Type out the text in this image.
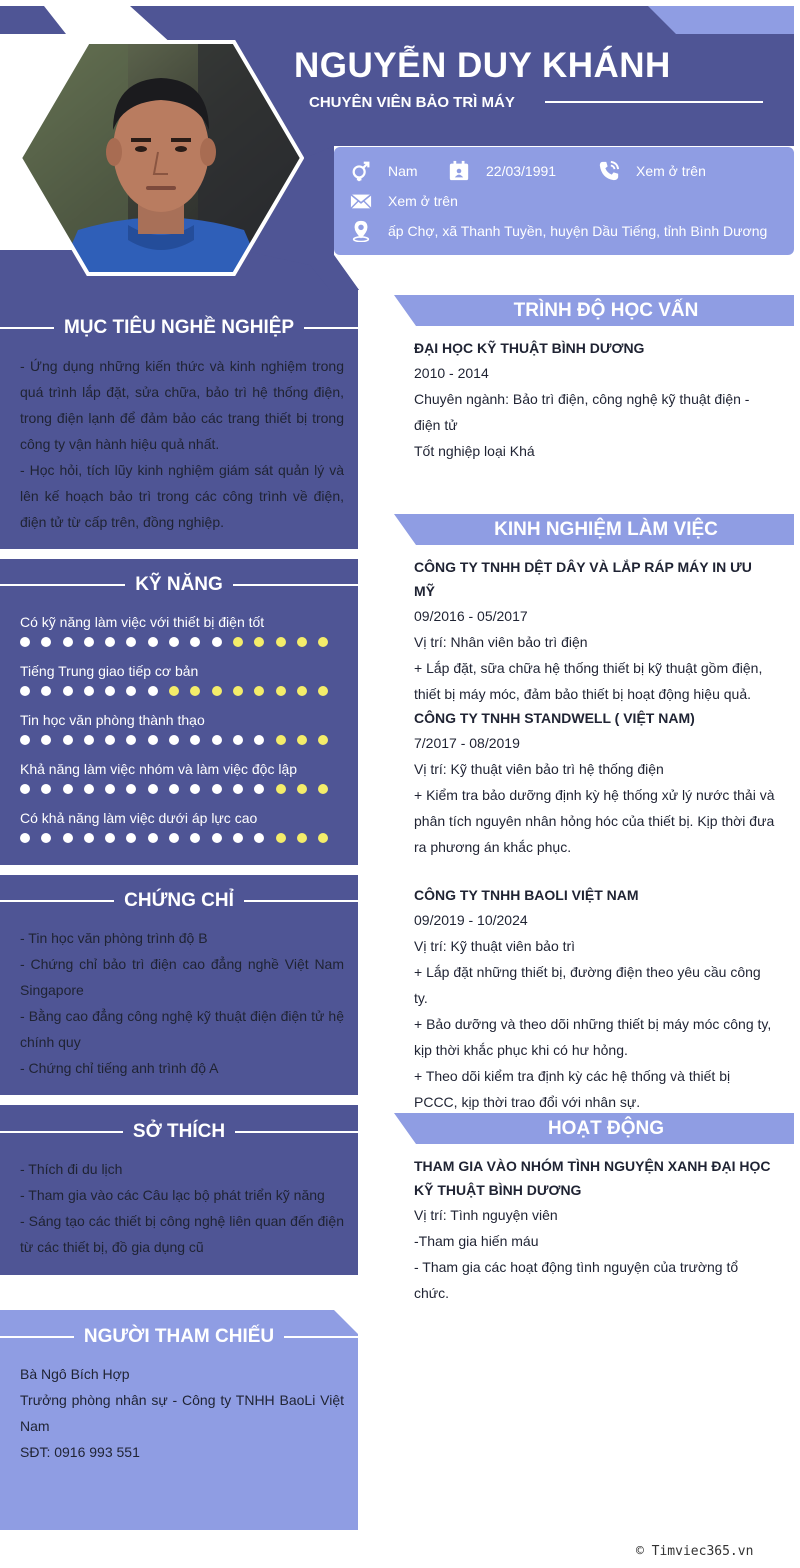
NGUYỄN DUY KHÁNH
CHUYÊN VIÊN BẢO TRÌ MÁY
Nam	22/03/1991	Xem ở trên
Xem ở trên
ấp Chợ, xã Thanh Tuyền, huyện Dầu Tiếng, tỉnh Bình Dương
MỤC TIÊU NGHỀ NGHIỆP
- Ứng dụng những kiến thức và kinh nghiệm trong quá trình lắp đặt, sửa chữa, bảo trì hệ thống điện, trong điện lạnh để đảm bảo các trang thiết bị trong công ty vận hành hiệu quả nhất.
- Học hỏi, tích lũy kinh nghiệm giám sát quản lý và lên kế hoạch bảo trì trong các công trình về điện, điện tử từ cấp trên, đồng nghiệp.
KỸ NĂNG
Có kỹ năng làm việc với thiết bị điện tốt
Tiếng Trung giao tiếp cơ bản
Tin học văn phòng thành thạo
Khả năng làm việc nhóm và làm việc độc lập
Có khả năng làm việc dưới áp lực cao
CHỨNG CHỈ
- Tin học văn phòng trình độ B
- Chứng chỉ bảo trì điện cao đẳng nghề Việt Nam Singapore
- Bằng cao đẳng công nghệ kỹ thuật điện điện tử hệ chính quy
- Chứng chỉ tiếng anh trình độ A
SỞ THÍCH
- Thích đi du lịch
- Tham gia vào các Câu lạc bộ phát triển kỹ năng
- Sáng tạo các thiết bị công nghệ liên quan đến điện từ các thiết bị, đồ gia dụng cũ
NGƯỜI THAM CHIẾU
Bà Ngô Bích Hợp
Trưởng phòng nhân sự - Công ty TNHH BaoLi Việt Nam
SĐT: 0916 993 551
TRÌNH ĐỘ HỌC VẤN
ĐẠI HỌC KỸ THUẬT BÌNH DƯƠNG
2010 - 2014
Chuyên ngành: Bảo trì điện, công nghệ kỹ thuật điện - điện tử
Tốt nghiệp loại Khá
KINH NGHIỆM LÀM VIỆC
CÔNG TY TNHH DỆT DÂY VÀ LẮP RÁP MÁY IN ƯU MỸ
09/2016 - 05/2017
Vị trí: Nhân viên bảo trì điện
+ Lắp đặt, sữa chữa hệ thống thiết bị kỹ thuật gồm điện, thiết bị máy móc, đảm bảo thiết bị hoạt động hiệu quả.
CÔNG TY TNHH STANDWELL ( VIỆT NAM)
7/2017 - 08/2019
Vị trí: Kỹ thuật viên bảo trì hệ thống điện
+ Kiểm tra bảo dưỡng định kỳ hệ thống xử lý nước thải và phân tích nguyên nhân hỏng hóc của thiết bị. Kịp thời đưa ra phương án khắc phục.
CÔNG TY TNHH BAOLI VIỆT NAM
09/2019 - 10/2024
Vị trí: Kỹ thuật viên bảo trì
+ Lắp đặt những thiết bị, đường điện theo yêu cầu công ty.
+ Bảo dưỡng và theo dõi những thiết bị máy móc công ty, kịp thời khắc phục khi có hư hỏng.
+ Theo dõi kiểm tra định kỳ các hệ thống và thiết bị PCCC, kịp thời trao đổi với nhân sự.
HOẠT ĐỘNG
THAM GIA VÀO NHÓM TÌNH NGUYỆN XANH ĐẠI HỌC KỸ THUẬT BÌNH DƯƠNG
Vị trí: Tình nguyện viên
-Tham gia hiến máu
- Tham gia các hoạt động tình nguyện của trường tổ chức.
© Timviec365.vn
